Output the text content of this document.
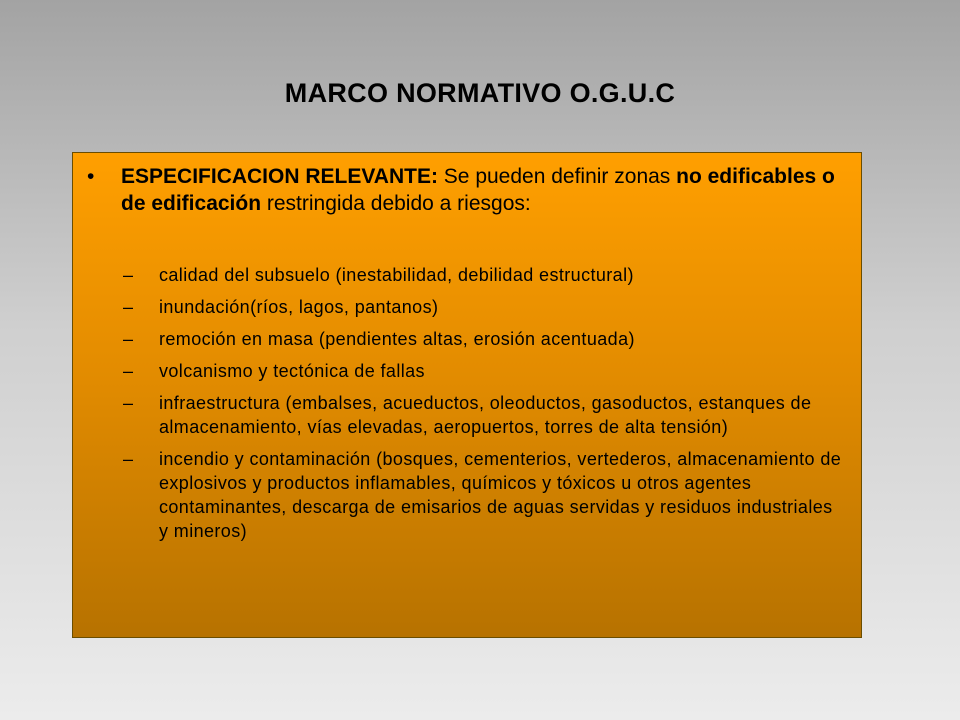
MARCO NORMATIVO O.G.U.C
• ESPECIFICACION RELEVANTE: Se pueden definir zonas no edificables o de edificación restringida debido a riesgos:
– calidad del subsuelo (inestabilidad, debilidad estructural)
– inundación(ríos, lagos, pantanos)
– remoción en masa (pendientes altas, erosión acentuada)
– volcanismo y tectónica de fallas
– infraestructura (embalses, acueductos, oleoductos, gasoductos, estanques de almacenamiento, vías elevadas, aeropuertos, torres de alta tensión)
– incendio y contaminación (bosques, cementerios, vertederos, almacenamiento de explosivos y productos inflamables, químicos y tóxicos u otros agentes contaminantes, descarga de emisarios de aguas servidas y residuos industriales y mineros)
